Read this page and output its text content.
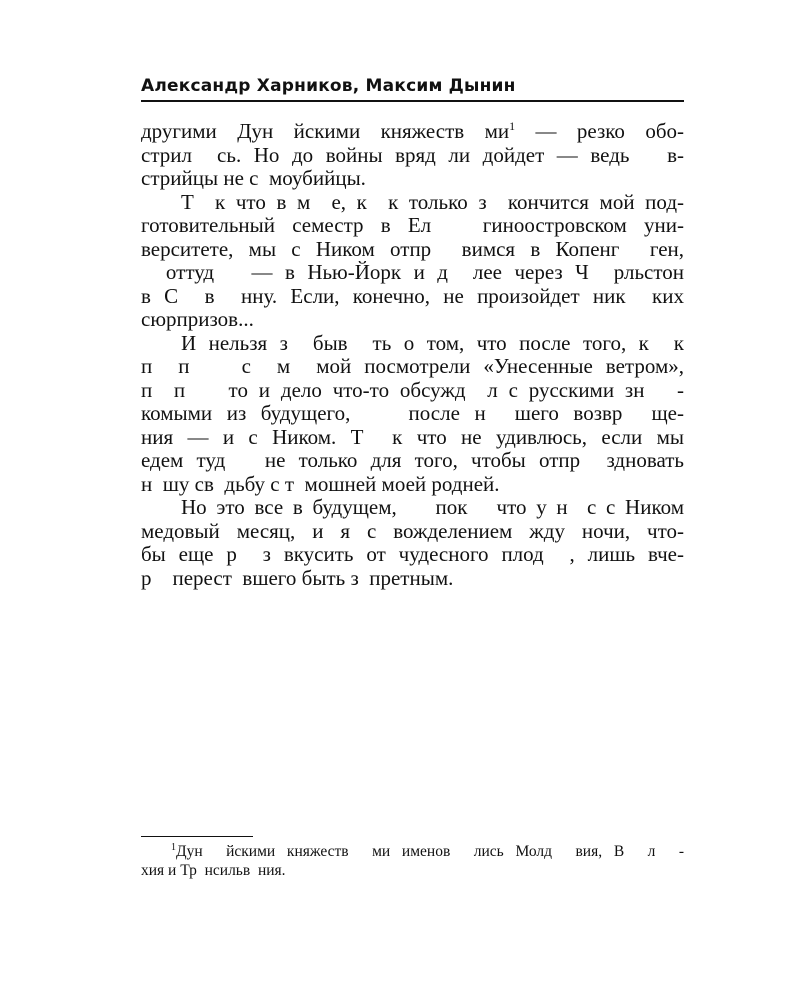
Александр Харников, Максим Дынин
другими Дун йскими княжеств $ми^1$ — резко обо-
стрил  сь. Но до войны вряд ли дойдет — ведь   в-
стрийцы не с  моубийцы.
Т  к что в м  е, к  к только з  кончится мой под-
готовительный семестр в Ел   гиноостровском уни-
верситете, мы с Ником отпр  вимся в Копенг  ген,
оттуд   — в Нью-Йорк и д  лее через Ч  рльстон
в С  в  нну. Если, конечно, не произойдет ник  ких
сюрпризов...
И нельзя з  быв  ть о том, что после того, к  к
п  п    с  м  мой посмотрели «Унесенные ветром»,
п  п    то и дело что-то обсужд  л с русскими зн   -
комыми из будущего,    после н  шего возвр  ще-
ния — и с Ником. Т  к что не удивлюсь, если мы
едем туд   не только для того, чтобы отпр  здновать
н  шу св  дьбу с т  мошней моей родней.
Но это все в будущем,    пок   что у н  с с Ником
медовый месяц, и я с вожделением жду ночи, что-
бы еще р  з вкусить от чудесного плод  , лишь вче-
р    перест  вшего быть з  претным.
$^1$Дун  йскими княжеств  ми именов  лись Молд  вия, В  л  -
хия и Тр  нсильв  ния.
